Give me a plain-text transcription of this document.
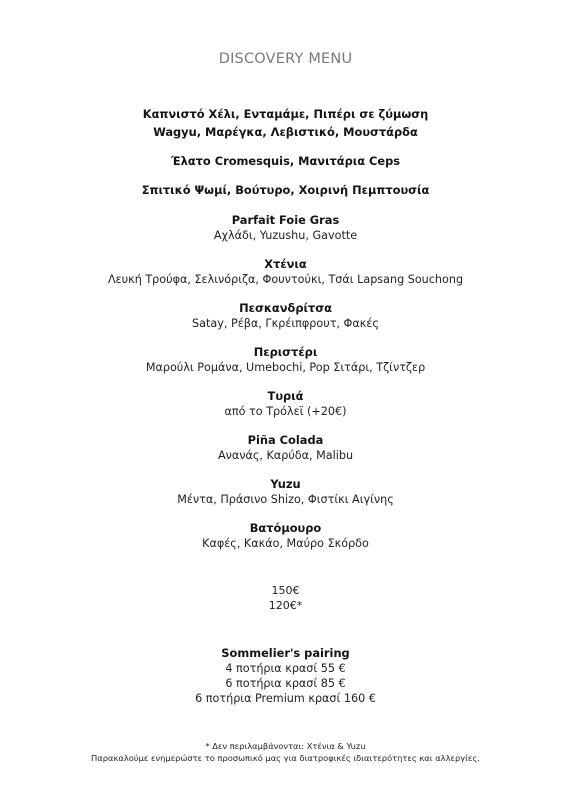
DISCOVERY MENU
Καπνιστό Χέλι, Ενταμάμε, Πιπέρι σε ζύμωση
Wagyu, Μαρέγκα, Λεβιστικό, Μουστάρδα
Έλατο Cromesquis, Μανιτάρια Ceps
Σπιτικό Ψωμί, Βούτυρο, Χοιρινή Πεμπτουσία
Parfait Foie Gras
Αχλάδι, Yuzushu, Gavotte
Χτένια
Λευκή Τρούφα, Σελινόριζα, Φουντούκι, Τσάι Lapsang Souchong
Πεσκανδρίτσα
Satay, Ρέβα, Γκρέιπφρουτ, Φακές
Περιστέρι
Μαρούλι Ρομάνα, Umebochi, Pop Σιτάρι, Τζίντζερ
Τυριά
από το Τρόλεϊ (+20€)
Piña Colada
Ανανάς, Καρύδα, Malibu
Yuzu
Μέντα, Πράσινο Shizo, Φιστίκι Αιγίνης
Βατόμουρο
Καφές, Κακάο, Μαύρο Σκόρδο
150€
120€*
Sommelier's pairing
4 ποτήρια κρασί 55 €
6 ποτήρια κρασί 85 €
6 ποτήρια Premium κρασί 160 €
* Δεν περιλαμβάνονται: Χτένια & Yuzu
Παρακαλούμε ενημερώστε το προσωπικό μας για διατροφικές ιδιαιτερότητες και αλλεργίες.
